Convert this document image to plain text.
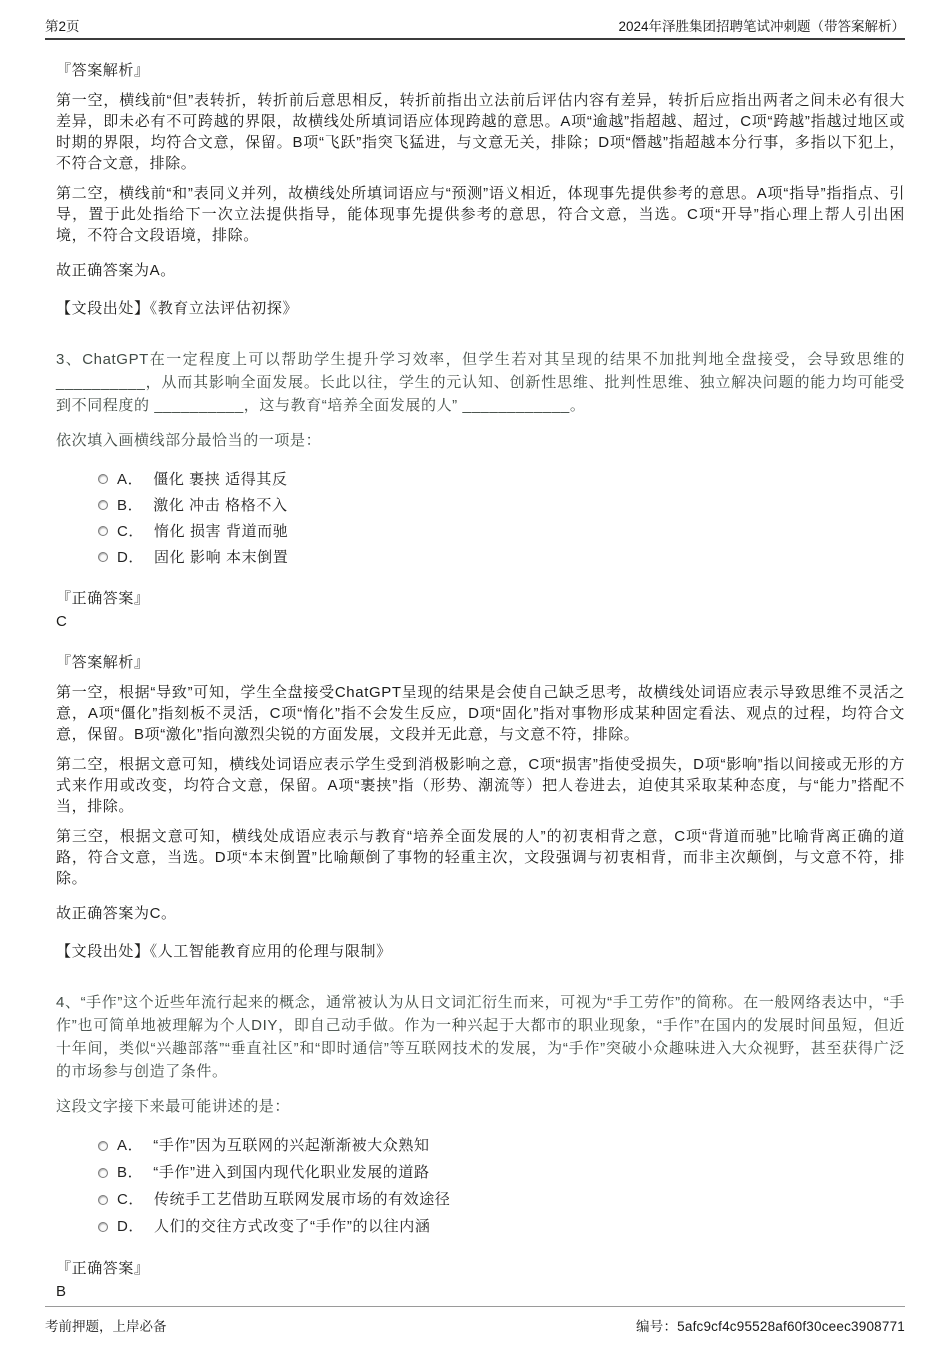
第2页	2024年泽胜集团招聘笔试冲刺题（带答案解析）
『答案解析』

第一空，横线前“但”表转折，转折前后意思相反，转折前指出立法前后评估内容有差异，转折后应指出两者之间未必有很大差异，即未必有不可跨越的界限，故横线处所填词语应体现跨越的意思。A项“逾越”指超越、超过，C项“跨越”指越过地区或时期的界限，均符合文意，保留。B项“飞跃”指突飞猛进，与文意无关，排除；D项“僭越”指超越本分行事，多指以下犯上，不符合文意，排除。

第二空，横线前“和”表同义并列，故横线处所填词语应与“预测”语义相近，体现事先提供参考的意思。A项“指导”指指点、引导，置于此处指给下一次立法提供指导，能体现事先提供参考的意思，符合文意，当选。C项“开导”指心理上帮人引出困境，不符合文段语境，排除。

故正确答案为A。

【文段出处】《教育立法评估初探》

3、ChatGPT在一定程度上可以帮助学生提升学习效率，但学生若对其呈现的结果不加批判地全盘接受，会导致思维的 __________，从而其影响全面发展。长此以往，学生的元认知、创新性思维、批判性思维、独立解决问题的能力均可能受到不同程度的 __________，这与教育“培养全面发展的人” ____________。

依次填入画横线部分最恰当的一项是：

A． 僵化 裹挟 适得其反
B． 激化 冲击 格格不入
C． 惰化 损害 背道而驰
D． 固化 影响 本末倒置
『正确答案』
C
『答案解析』

第一空，根据“导致”可知，学生全盘接受ChatGPT呈现的结果是会使自己缺乏思考，故横线处词语应表示导致思维不灵活之意，A项“僵化”指刻板不灵活，C项“惰化”指不会发生反应，D项“固化”指对事物形成某种固定看法、观点的过程，均符合文意，保留。B项“激化”指向激烈尖锐的方面发展，文段并无此意，与文意不符，排除。

第二空，根据文意可知，横线处词语应表示学生受到消极影响之意，C项“损害”指使受损失，D项“影响”指以间接或无形的方式来作用或改变，均符合文意，保留。A项“裹挟”指（形势、潮流等）把人卷进去，迫使其采取某种态度，与“能力”搭配不当，排除。

第三空，根据文意可知，横线处成语应表示与教育“培养全面发展的人”的初衷相背之意，C项“背道而驰”比喻背离正确的道路，符合文意，当选。D项“本末倒置”比喻颠倒了事物的轻重主次，文段强调与初衷相背，而非主次颠倒，与文意不符，排除。

故正确答案为C。

【文段出处】《人工智能教育应用的伦理与限制》

4、“手作”这个近些年流行起来的概念，通常被认为从日文词汇衍生而来，可视为“手工劳作”的简称。在一般网络表达中，“手作”也可简单地被理解为个人DIY，即自己动手做。作为一种兴起于大都市的职业现象，“手作”在国内的发展时间虽短，但近十年间，类似“兴趣部落”“垂直社区”和“即时通信”等互联网技术的发展，为“手作”突破小众趣味进入大众视野，甚至获得广泛的市场参与创造了条件。

这段文字接下来最可能讲述的是：

A． “手作”因为互联网的兴起渐渐被大众熟知
B． “手作”进入到国内现代化职业发展的道路
C． 传统手工艺借助互联网发展市场的有效途径
D． 人们的交往方式改变了“手作”的以往内涵
『正确答案』
B
考前押题，上岸必备	编号：5afc9cf4c95528af60f30ceec3908771
